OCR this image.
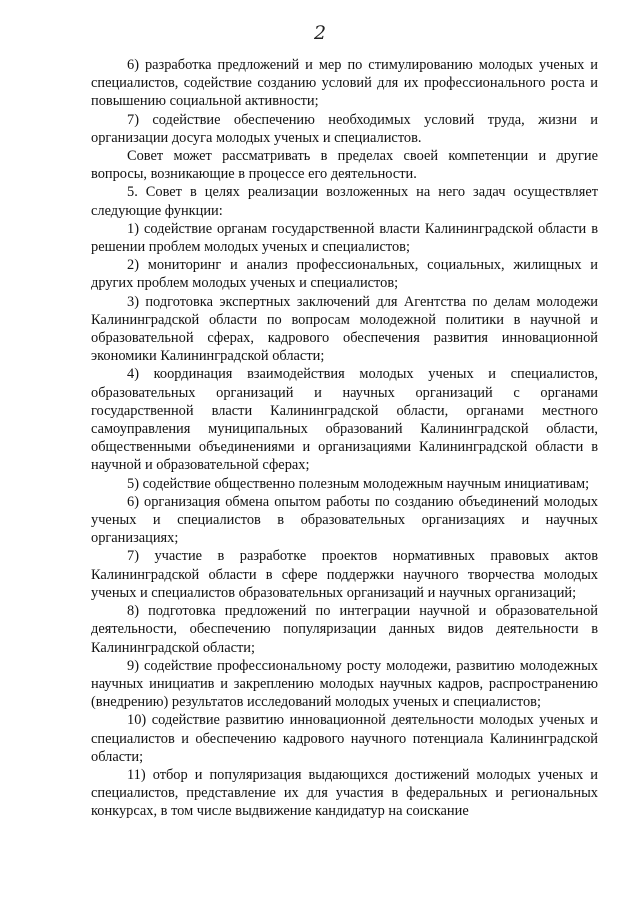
2

6) разработка предложений и мер по стимулированию молодых ученых и специалистов, содействие созданию условий для их профессионального роста и повышению социальной активности;

7) содействие обеспечению необходимых условий труда, жизни и организации досуга молодых ученых и специалистов.

Совет может рассматривать в пределах своей компетенции и другие вопросы, возникающие в процессе его деятельности.

5. Совет в целях реализации возложенных на него задач осуществляет следующие функции:

1) содействие органам государственной власти Калининградской области в решении проблем молодых ученых и специалистов;

2) мониторинг и анализ профессиональных, социальных, жилищных и других проблем молодых ученых и специалистов;

3) подготовка экспертных заключений для Агентства по делам молодежи Калининградской области по вопросам молодежной политики в научной и образовательной сферах, кадрового обеспечения развития инновационной экономики Калининградской области;

4) координация взаимодействия молодых ученых и специалистов, образовательных организаций и научных организаций с органами государственной власти Калининградской области, органами местного самоуправления муниципальных образований Калининградской области, общественными объединениями и организациями Калининградской области в научной и образовательной сферах;

5) содействие общественно полезным молодежным научным инициативам;

6) организация обмена опытом работы по созданию объединений молодых ученых и специалистов в образовательных организациях и научных организациях;

7) участие в разработке проектов нормативных правовых актов Калининградской области в сфере поддержки научного творчества молодых ученых и специалистов образовательных организаций и научных организаций;

8) подготовка предложений по интеграции научной и образовательной деятельности, обеспечению популяризации данных видов деятельности в Калининградской области;

9) содействие профессиональному росту молодежи, развитию молодежных научных инициатив и закреплению молодых научных кадров, распространению (внедрению) результатов исследований молодых ученых и специалистов;

10) содействие развитию инновационной деятельности молодых ученых и специалистов и обеспечению кадрового научного потенциала Калининградской области;

11) отбор и популяризация выдающихся достижений молодых ученых и специалистов, представление их для участия в федеральных и региональных конкурсах, в том числе выдвижение кандидатур на соискание
